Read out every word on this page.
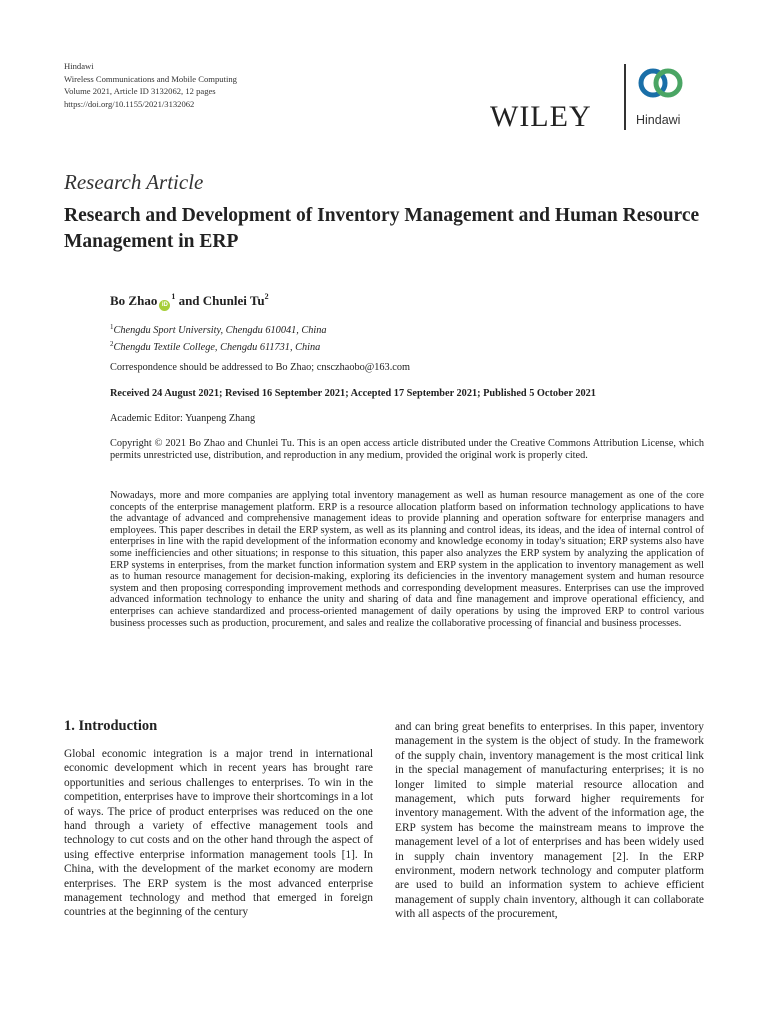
Hindawi
Wireless Communications and Mobile Computing
Volume 2021, Article ID 3132062, 12 pages
https://doi.org/10.1155/2021/3132062	WILEY	Hindawi
Research Article
Research and Development of Inventory Management and Human Resource Management in ERP
Bo Zhao $iD^1$ and Chunlei Tu$^2$
$^1$Chengdu Sport University, Chengdu 610041, China
$^2$Chengdu Textile College, Chengdu 611731, China
Correspondence should be addressed to Bo Zhao; cnsczhaobo@163.com
Received 24 August 2021; Revised 16 September 2021; Accepted 17 September 2021; Published 5 October 2021
Academic Editor: Yuanpeng Zhang
Copyright © 2021 Bo Zhao and Chunlei Tu. This is an open access article distributed under the Creative Commons Attribution License, which permits unrestricted use, distribution, and reproduction in any medium, provided the original work is properly cited.
Nowadays, more and more companies are applying total inventory management as well as human resource management as one of the core concepts of the enterprise management platform. ERP is a resource allocation platform based on information technology applications to have the advantage of advanced and comprehensive management ideas to provide planning and operation software for enterprise managers and employees. This paper describes in detail the ERP system, as well as its planning and control ideas, its ideas, and the idea of internal control of enterprises in line with the rapid development of the information economy and knowledge economy in today's situation; ERP systems also have some inefficiencies and other situations; in response to this situation, this paper also analyzes the ERP system by analyzing the application of ERP systems in enterprises, from the market function information system and ERP system in the application to inventory management as well as to human resource management for decision-making, exploring its deficiencies in the inventory management system and human resource system and then proposing corresponding improvement methods and corresponding development measures. Enterprises can use the improved advanced information technology to enhance the unity and sharing of data and fine management and improve operational efficiency, and enterprises can achieve standardized and process-oriented management of daily operations by using the improved ERP to control various business processes such as production, procurement, and sales and realize the collaborative processing of financial and business processes.
1. Introduction
Global economic integration is a major trend in international economic development which in recent years has brought rare opportunities and serious challenges to enterprises. To win in the competition, enterprises have to improve their shortcomings in a lot of ways. The price of product enterprises was reduced on the one hand through a variety of effective management tools and technology to cut costs and on the other hand through the aspect of using effective enterprise information management tools [1]. In China, with the development of the market economy are modern enterprises. The ERP system is the most advanced enterprise management technology and method that emerged in foreign countries at the beginning of the century
and can bring great benefits to enterprises. In this paper, inventory management in the system is the object of study. In the framework of the supply chain, inventory management is the most critical link in the special management of manufacturing enterprises; it is no longer limited to simple material resource allocation and management, which puts forward higher requirements for inventory management. With the advent of the information age, the ERP system has become the mainstream means to improve the management level of a lot of enterprises and has been widely used in supply chain inventory management [2]. In the ERP environment, modern network technology and computer platform are used to build an information system to achieve efficient management of supply chain inventory, although it can collaborate with all aspects of the procurement,
